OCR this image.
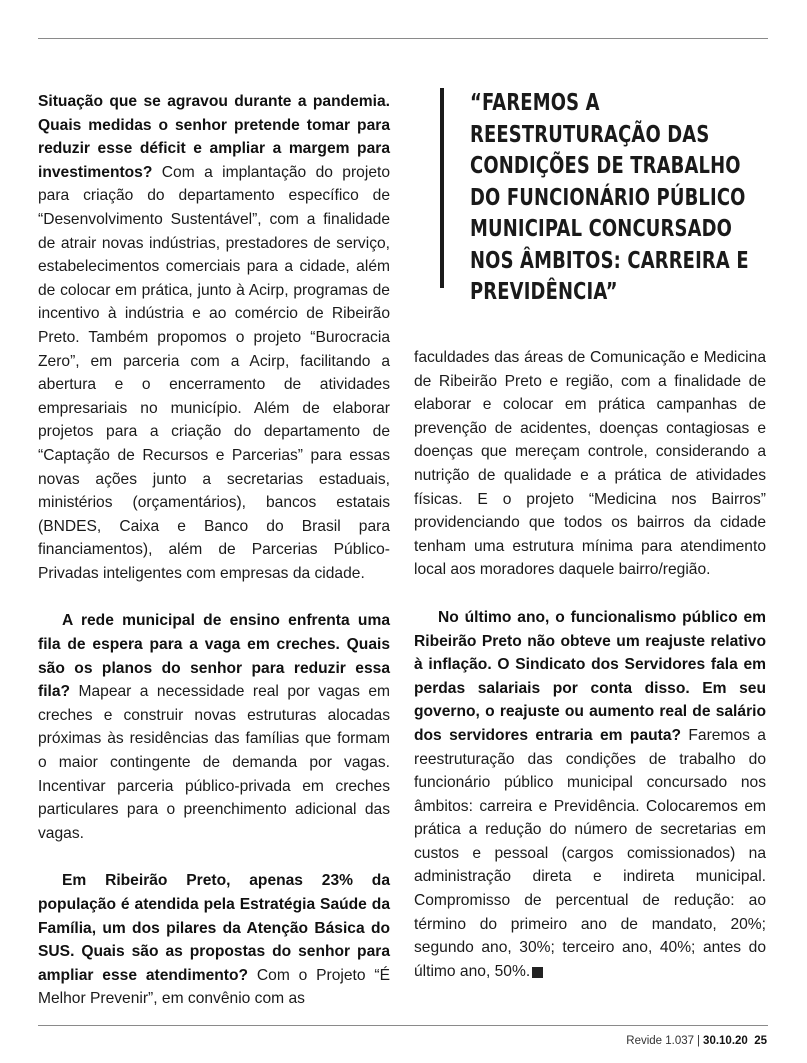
Situação que se agravou durante a pandemia. Quais medidas o senhor pretende tomar para reduzir esse déficit e ampliar a margem para investimentos? Com a implantação do projeto para criação do departamento específico de “Desenvolvimento Sustentável”, com a finalidade de atrair novas indústrias, prestadores de serviço, estabelecimentos comerciais para a cidade, além de colocar em prática, junto à Acirp, programas de incentivo à indústria e ao comércio de Ribeirão Preto. Também propomos o projeto “Burocracia Zero”, em parceria com a Acirp, facilitando a abertura e o encerramento de atividades empresariais no município. Além de elaborar projetos para a criação do departamento de “Captação de Recursos e Parcerias” para essas novas ações junto a secretarias estaduais, ministérios (orçamentários), bancos estatais (BNDES, Caixa e Banco do Brasil para financiamentos), além de Parcerias Público-Privadas inteligentes com empresas da cidade.

A rede municipal de ensino enfrenta uma fila de espera para a vaga em creches. Quais são os planos do senhor para reduzir essa fila? Mapear a necessidade real por vagas em creches e construir novas estruturas alocadas próximas às residências das famílias que formam o maior contingente de demanda por vagas. Incentivar parceria público-privada em creches particulares para o preenchimento adicional das vagas.

Em Ribeirão Preto, apenas 23% da população é atendida pela Estratégia Saúde da Família, um dos pilares da Atenção Básica do SUS. Quais são as propostas do senhor para ampliar esse atendimento? Com o Projeto “É Melhor Prevenir”, em convênio com as

“FAREMOS A REESTRUTURAÇÃO DAS CONDIÇÕES DE TRABALHO DO FUNCIONÁRIO PÚBLICO MUNICIPAL CONCURSADO NOS ÂMBITOS: CARREIRA E PREVIDÊNCIA”

faculdades das áreas de Comunicação e Medicina de Ribeirão Preto e região, com a finalidade de elaborar e colocar em prática campanhas de prevenção de acidentes, doenças contagiosas e doenças que mereçam controle, considerando a nutrição de qualidade e a prática de atividades físicas. E o projeto “Medicina nos Bairros” providenciando que todos os bairros da cidade tenham uma estrutura mínima para atendimento local aos moradores daquele bairro/região.

No último ano, o funcionalismo público em Ribeirão Preto não obteve um reajuste relativo à inflação. O Sindicato dos Servidores fala em perdas salariais por conta disso. Em seu governo, o reajuste ou aumento real de salário dos servidores entraria em pauta? Faremos a reestruturação das condições de trabalho do funcionário público municipal concursado nos âmbitos: carreira e Previdência. Colocaremos em prática a redução do número de secretarias em custos e pessoal (cargos comissionados) na administração direta e indireta municipal. Compromisso de percentual de redução: ao término do primeiro ano de mandato, 20%; segundo ano, 30%; terceiro ano, 40%; antes do último ano, 50%.	R

Revide 1.037 | 30.10.20 25
